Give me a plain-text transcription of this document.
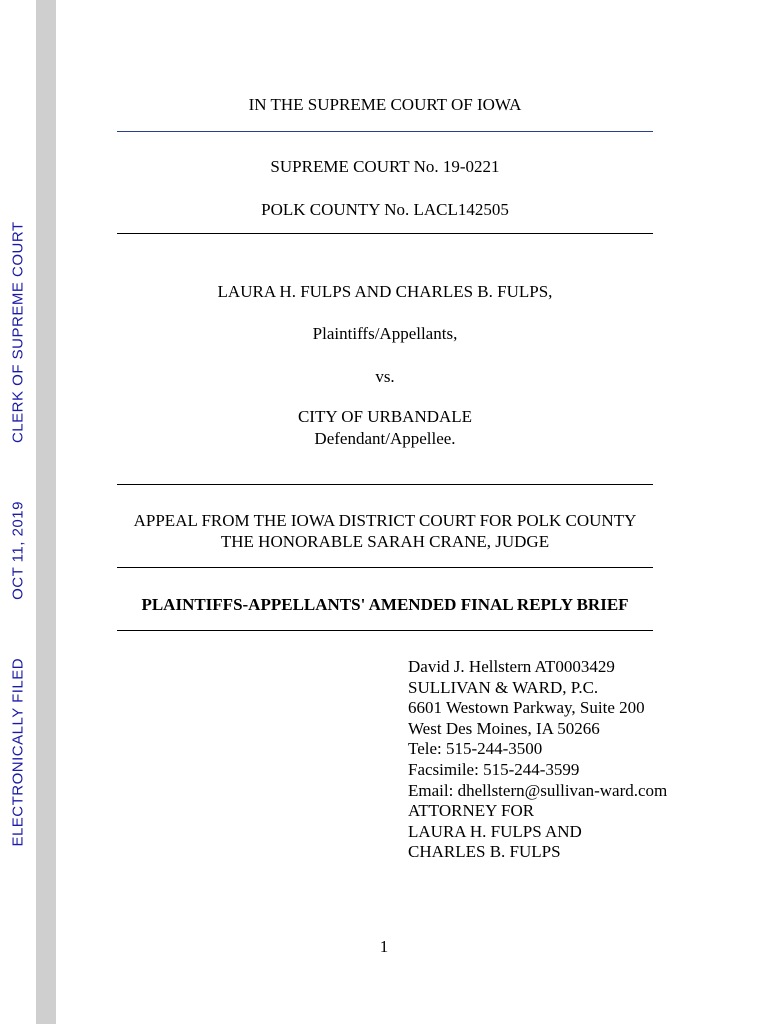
ELECTRONICALLY FILEDOCT 11, 2019CLERK OF SUPREME COURT
IN THE SUPREME COURT OF IOWA
SUPREME COURT No. 19-0221
POLK COUNTY No. LACL142505
LAURA H. FULPS AND CHARLES B. FULPS,
Plaintiffs/Appellants,
vs.
CITY OF URBANDALE
Defendant/Appellee.
APPEAL FROM THE IOWA DISTRICT COURT FOR POLK COUNTY
THE HONORABLE SARAH CRANE, JUDGE
PLAINTIFFS-APPELLANTS' AMENDED FINAL REPLY BRIEF
David J. Hellstern AT0003429
SULLIVAN & WARD, P.C.
6601 Westown Parkway, Suite 200
West Des Moines, IA 50266
Tele: 515-244-3500
Facsimile: 515-244-3599
Email: dhellstern@sullivan-ward.com
ATTORNEY FOR
LAURA H. FULPS AND
CHARLES B. FULPS
1
